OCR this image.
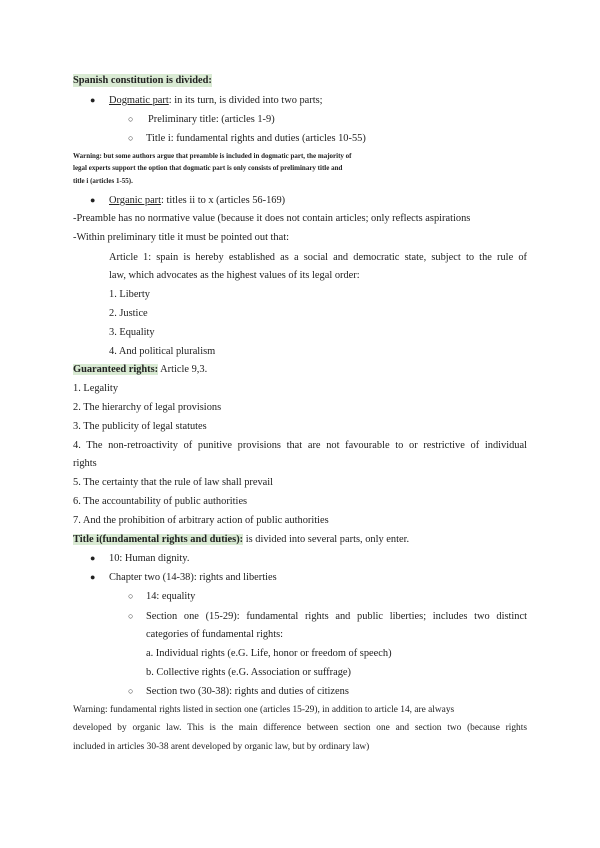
Spanish constitution is divided:
● Dogmatic part: in its turn, is divided into two parts;
○ Preliminary title: (articles 1-9)
○ Title i: fundamental rights and duties (articles 10-55)
Warning: but some authors argue that preamble is included in dogmatic part, the majority of
legal experts support the option that dogmatic part is only consists of preliminary title and
title i (articles 1-55).
● Organic part: titles ii to x (articles 56-169)
-Preamble has no normative value (because it does not contain articles; only reflects aspirations
-Within preliminary title it must be pointed out that:
Article 1: spain is hereby established as a social and democratic state, subject to the rule of
law, which advocates as the highest values of its legal order:
1. Liberty
2. Justice
3. Equality
4. And political pluralism
Guaranteed rights: Article 9,3.
1. Legality
2. The hierarchy of legal provisions
3. The publicity of legal statutes
4. The non-retroactivity of punitive provisions that are not favourable to or restrictive of individual
rights
5. The certainty that the rule of law shall prevail
6. The accountability of public authorities
7. And the prohibition of arbitrary action of public authorities
Title i(fundamental rights and duties): is divided into several parts, only enter.
● 10: Human dignity.
● Chapter two (14-38): rights and liberties
○ 14: equality
○ Section one (15-29): fundamental rights and public liberties; includes two distinct
categories of fundamental rights:
a. Individual rights (e.G. Life, honor or freedom of speech)
b. Collective rights (e.G. Association or suffrage)
○ Section two (30-38): rights and duties of citizens
Warning: fundamental rights listed in section one (articles 15-29), in addition to article 14, are always
developed by organic law. This is the main difference between section one and section two (because rights
included in articles 30-38 arent developed by organic law, but by ordinary law)
